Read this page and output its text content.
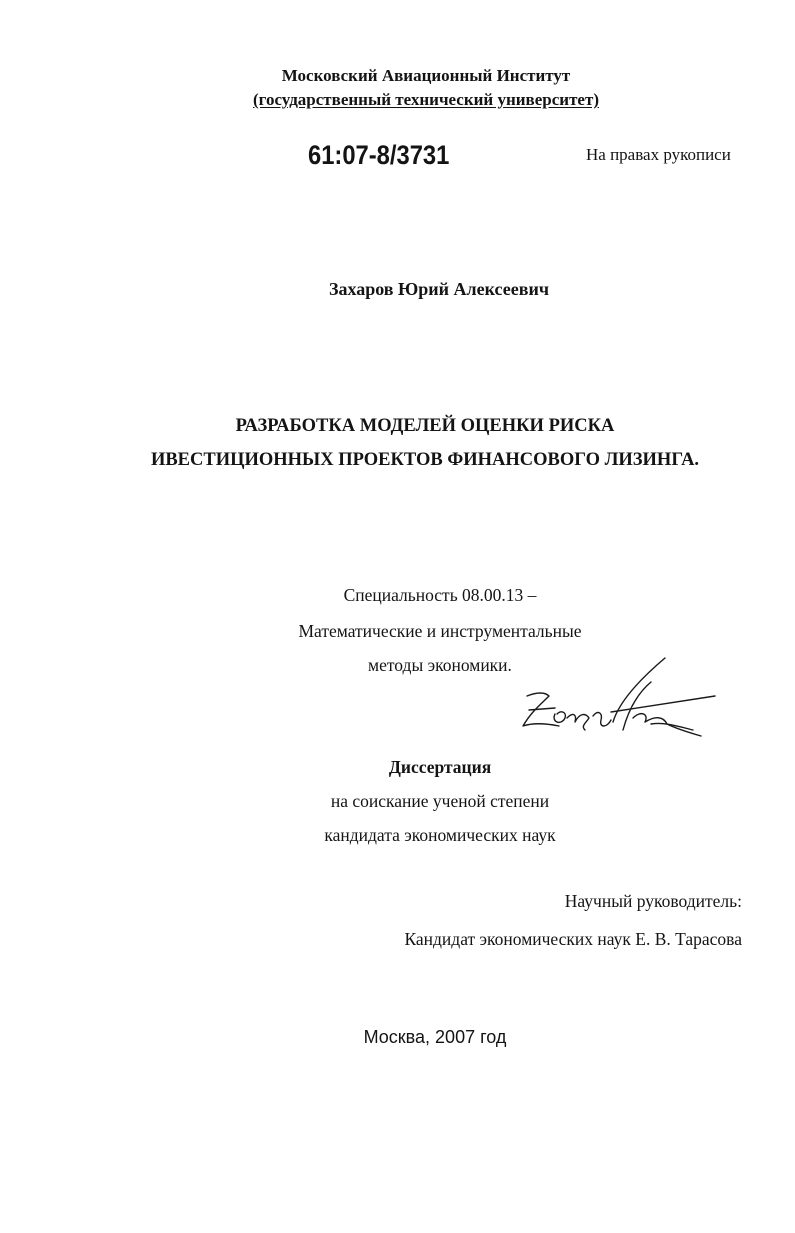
Московский Авиационный Институт
(государственный технический университет)
61:07-8/3731	На правах рукописи
Захаров Юрий Алексеевич
РАЗРАБОТКА МОДЕЛЕЙ ОЦЕНКИ РИСКА
ИВЕСТИЦИОННЫХ ПРОЕКТОВ ФИНАНСОВОГО ЛИЗИНГА.
Специальность 08.00.13 –
Математические и инструментальные
методы экономики.
Диссертация
на соискание ученой степени
кандидата экономических наук
Научный руководитель:
Кандидат экономических наук Е. В. Тарасова
Москва, 2007 год
